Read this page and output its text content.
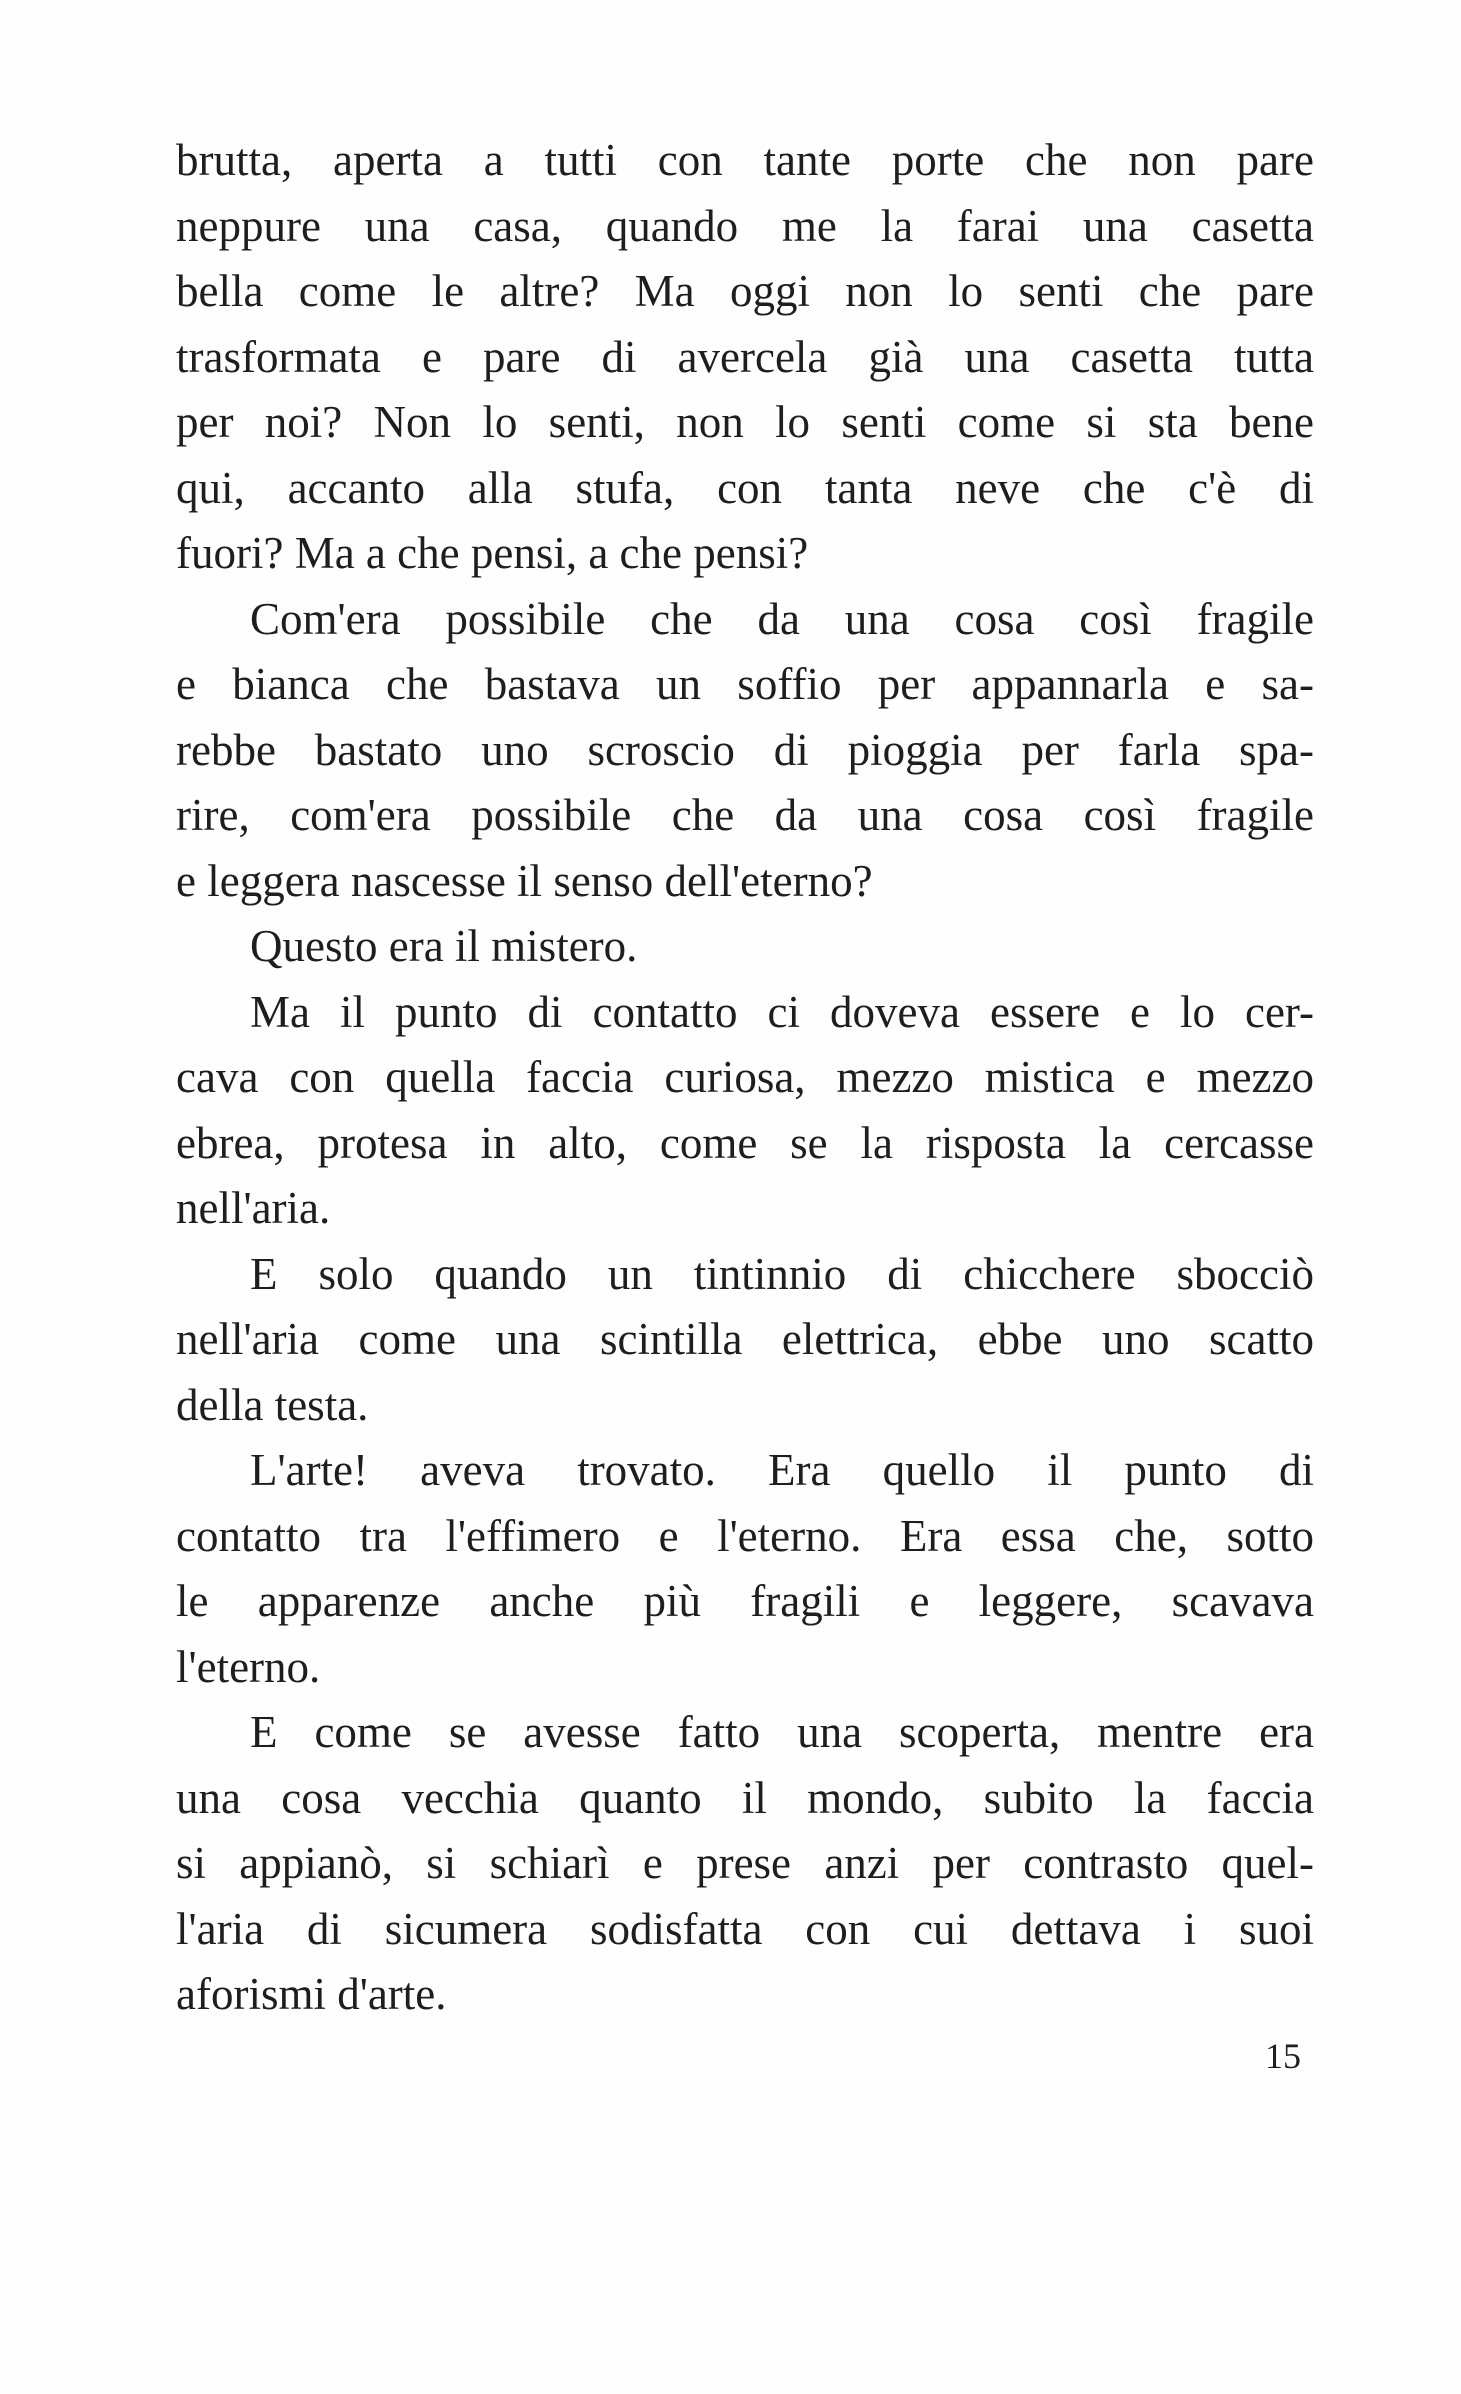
brutta, aperta a tutti con tante porte che non pare
neppure una casa, quando me la farai una casetta
bella come le altre? Ma oggi non lo senti che pare
trasformata e pare di avercela già una casetta tutta
per noi? Non lo senti, non lo senti come si sta bene
qui, accanto alla stufa, con tanta neve che c'è di
fuori? Ma a che pensi, a che pensi?
Com'era possibile che da una cosa così fragile
e bianca che bastava un soffio per appannarla e sa-
rebbe bastato uno scroscio di pioggia per farla spa-
rire, com'era possibile che da una cosa così fragile
e leggera nascesse il senso dell'eterno?
Questo era il mistero.
Ma il punto di contatto ci doveva essere e lo cer-
cava con quella faccia curiosa, mezzo mistica e mezzo
ebrea, protesa in alto, come se la risposta la cercasse
nell'aria.
E solo quando un tintinnio di chicchere sbocciò
nell'aria come una scintilla elettrica, ebbe uno scatto
della testa.
L'arte! aveva trovato. Era quello il punto di
contatto tra l'effimero e l'eterno. Era essa che, sotto
le apparenze anche più fragili e leggere, scavava
l'eterno.
E come se avesse fatto una scoperta, mentre era
una cosa vecchia quanto il mondo, subito la faccia
si appianò, si schiarì e prese anzi per contrasto quel-
l'aria di sicumera sodisfatta con cui dettava i suoi
aforismi d'arte.
15
